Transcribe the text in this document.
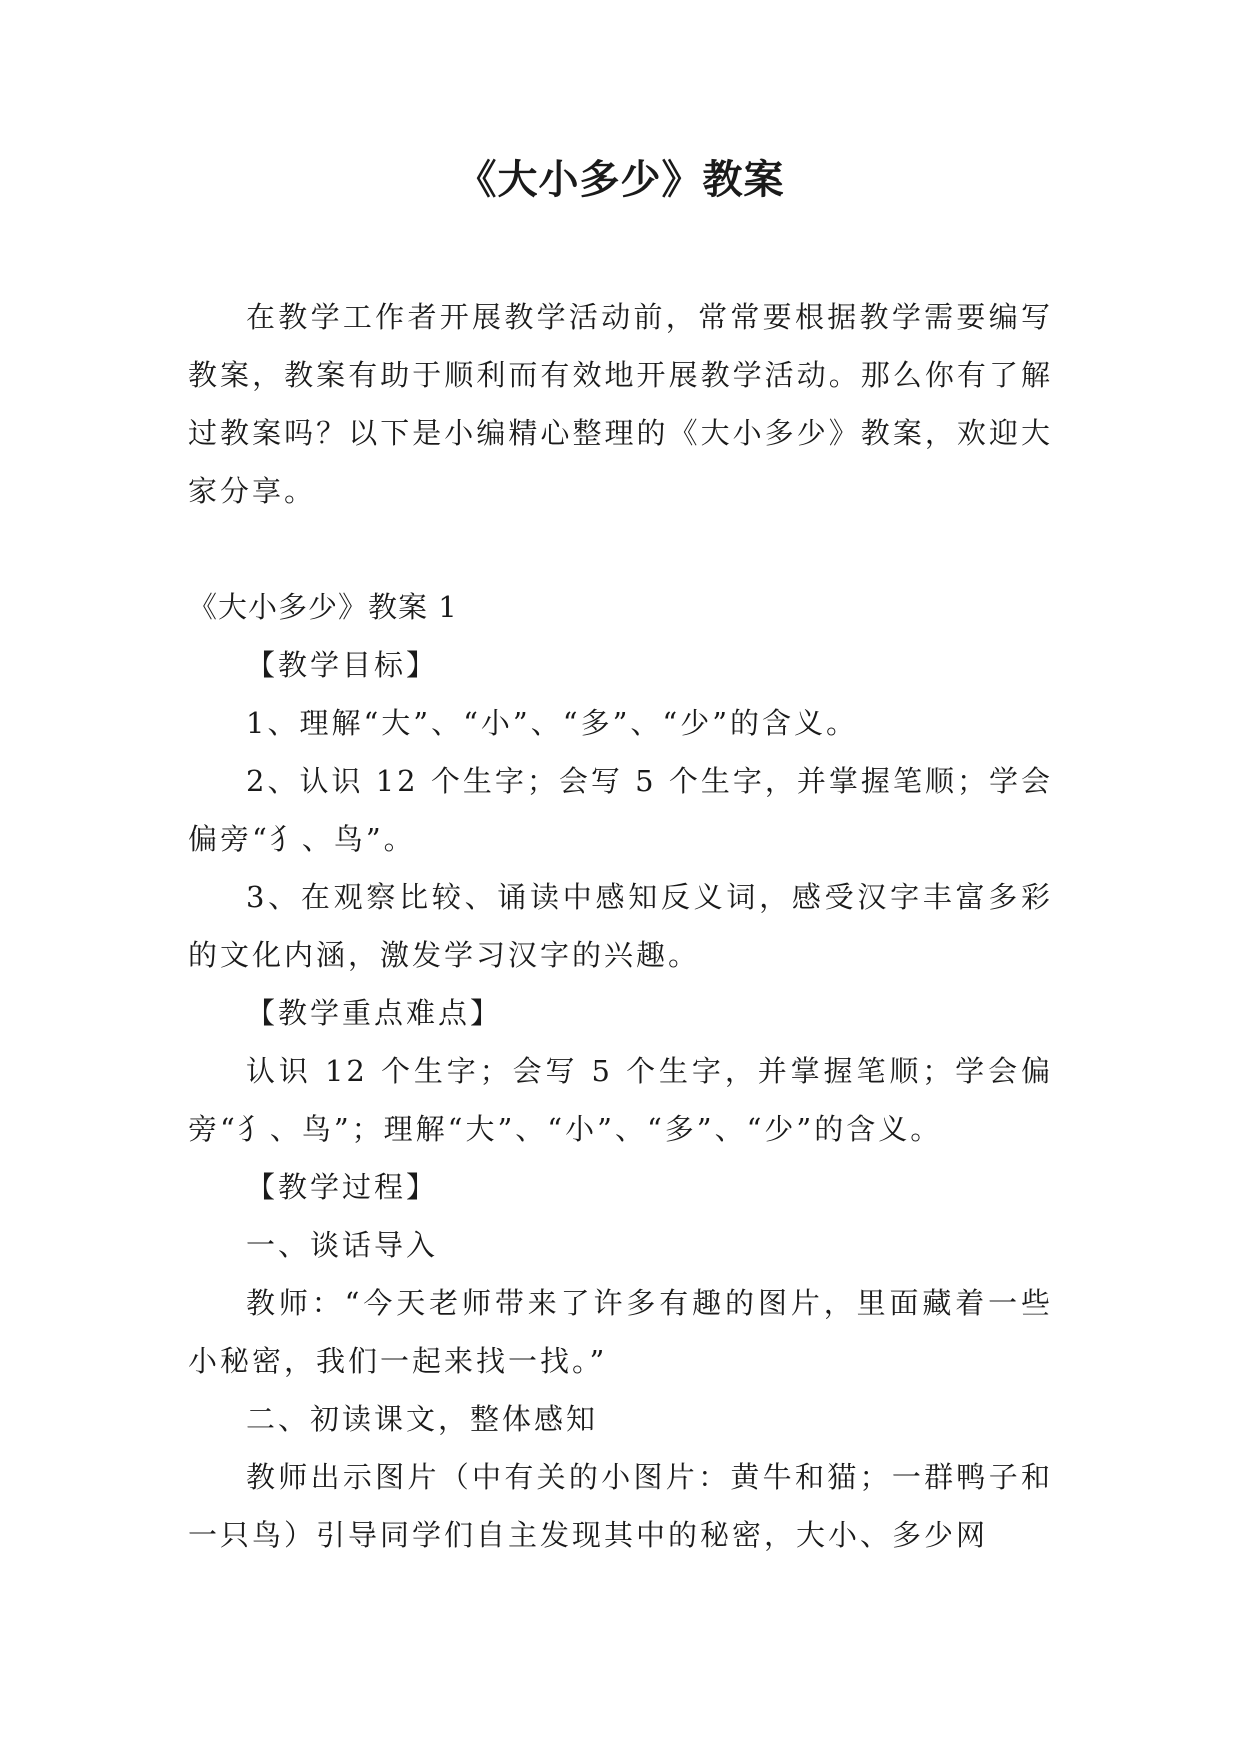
《大小多少》教案

在教学工作者开展教学活动前，常常要根据教学需要编写教案，教案有助于顺利而有效地开展教学活动。那么你有了解过教案吗？以下是小编精心整理的《大小多少》教案，欢迎大家分享。

《大小多少》教案 1

【教学目标】

1、理解“大”、“小”、“多”、“少”的含义。

2、认识 12 个生字；会写 5 个生字，并掌握笔顺；学会偏旁“犭、鸟”。

3、在观察比较、诵读中感知反义词，感受汉字丰富多彩的文化内涵，激发学习汉字的兴趣。

【教学重点难点】

认识 12 个生字；会写 5 个生字，并掌握笔顺；学会偏旁“犭、鸟”；理解“大”、“小”、“多”、“少”的含义。

【教学过程】

一、谈话导入

教师：“今天老师带来了许多有趣的图片，里面藏着一些小秘密，我们一起来找一找。”

二、初读课文，整体感知

教师出示图片（中有关的小图片：黄牛和猫；一群鸭子和一只鸟）引导同学们自主发现其中的秘密，大小、多少网
